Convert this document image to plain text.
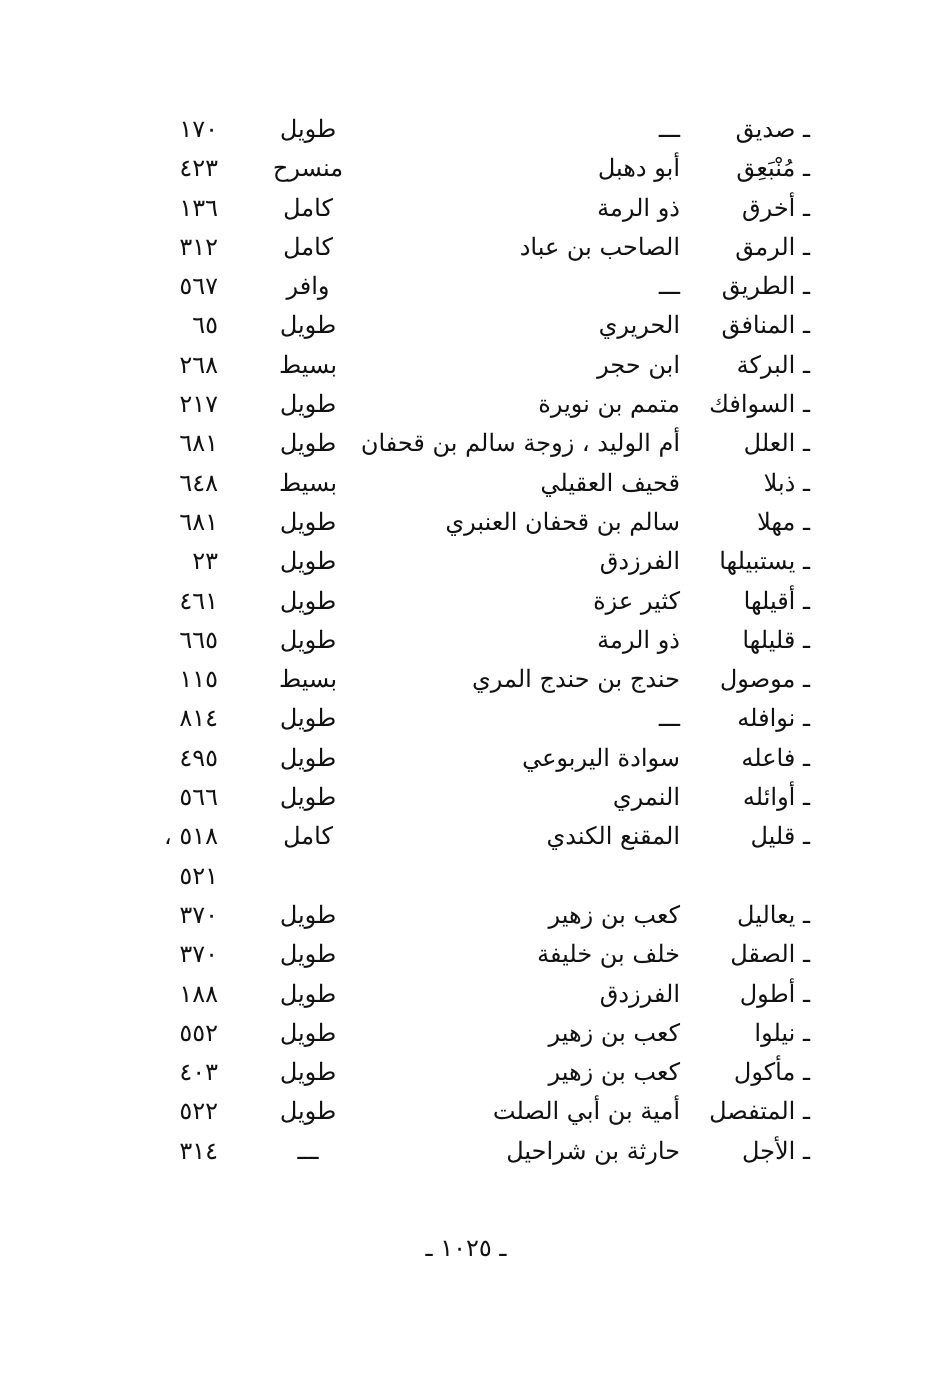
ـ صديق
ـــ
طويل
١٧٠
ـ مُنْبَعِق
أبو دهبل
منسرح
٤٢٣
ـ أخرق
ذو الرمة
كامل
١٣٦
ـ الرمق
الصاحب بن عباد
كامل
٣١٢
ـ الطريق
ـــ
وافر
٥٦٧
ـ المنافق
الحريري
طويل
٦٥
ـ البركة
ابن حجر
بسيط
٢٦٨
ـ السوافك
متمم بن نويرة
طويل
٢١٧
ـ العلل
أم الوليد ، زوجة سالم بن قحفان
طويل
٦٨١
ـ ذبلا
قحيف العقيلي
بسيط
٦٤٨
ـ مهلا
سالم بن قحفان العنبري
طويل
٦٨١
ـ يستبيلها
الفرزدق
طويل
٢٣
ـ أقيلها
كثير عزة
طويل
٤٦١
ـ قليلها
ذو الرمة
طويل
٦٦٥
ـ موصول
حندج بن حندج المري
بسيط
١١٥
ـ نوافله
ـــ
طويل
٨١٤
ـ فاعله
سوادة اليربوعي
طويل
٤٩٥
ـ أوائله
النمري
طويل
٥٦٦
ـ قليل
المقنع الكندي
كامل
٥١٨ ،
٥٢١
ـ يعاليل
كعب بن زهير
طويل
٣٧٠
ـ الصقل
خلف بن خليفة
طويل
٣٧٠
ـ أطول
الفرزدق
طويل
١٨٨
ـ نيلوا
كعب بن زهير
طويل
٥٥٢
ـ مأكول
كعب بن زهير
طويل
٤٠٣
ـ المتفصل
أمية بن أبي الصلت
طويل
٥٢٢
ـ الأجل
حارثة بن شراحيل
ـــ
٣١٤
ـ ١٠٢٥ ـ
